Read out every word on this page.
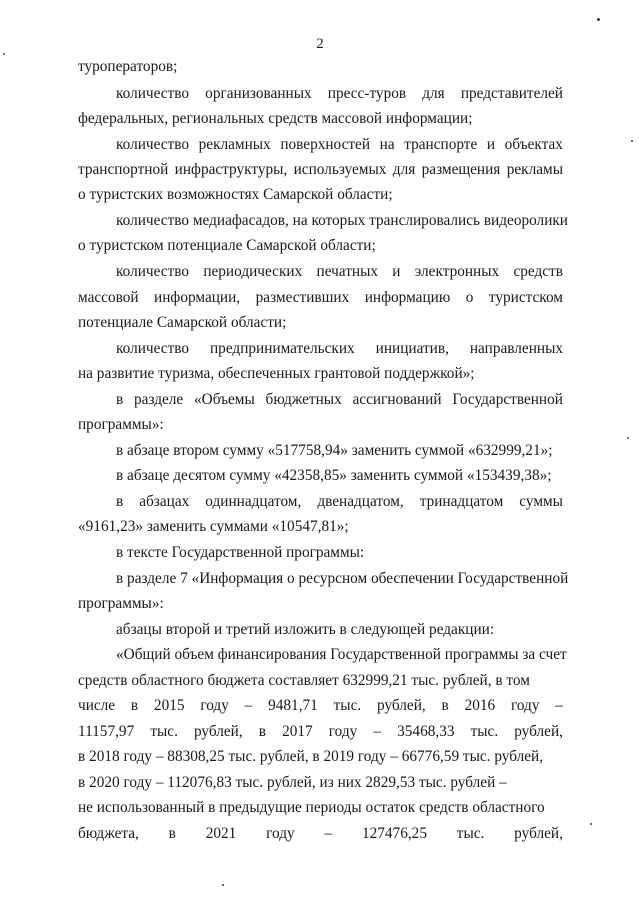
2
туроператоров;
количество организованных пресс-туров для представителей
федеральных, региональных средств массовой информации;
количество рекламных поверхностей на транспорте и объектах
транспортной инфраструктуры, используемых для размещения рекламы
о туристских возможностях Самарской области;
количество медиафасадов, на которых транслировались видеоролики
о туристском потенциале Самарской области;
количество периодических печатных и электронных средств
массовой информации, разместивших информацию о туристском
потенциале Самарской области;
количество предпринимательских инициатив, направленных
на развитие туризма, обеспеченных грантовой поддержкой»;
в разделе «Объемы бюджетных ассигнований Государственной
программы»:
в абзаце втором сумму «517758,94» заменить суммой «632999,21»;
в абзаце десятом сумму «42358,85» заменить суммой «153439,38»;
в абзацах одиннадцатом, двенадцатом, тринадцатом суммы
«9161,23» заменить суммами «10547,81»;
в тексте Государственной программы:
в разделе 7 «Информация о ресурсном обеспечении Государственной
программы»:
абзацы второй и третий изложить в следующей редакции:
«Общий объем финансирования Государственной программы за счет
средств областного бюджета составляет 632999,21 тыс. рублей, в том
числе в 2015 году – 9481,71 тыс. рублей, в 2016 году –
11157,97 тыс. рублей, в 2017 году – 35468,33 тыс. рублей,
в 2018 году – 88308,25 тыс. рублей, в 2019 году – 66776,59 тыс. рублей,
в 2020 году – 112076,83 тыс. рублей, из них 2829,53 тыс. рублей –
не использованный в предыдущие периоды остаток средств областного
бюджета, в 2021 году – 127476,25 тыс. рублей,
